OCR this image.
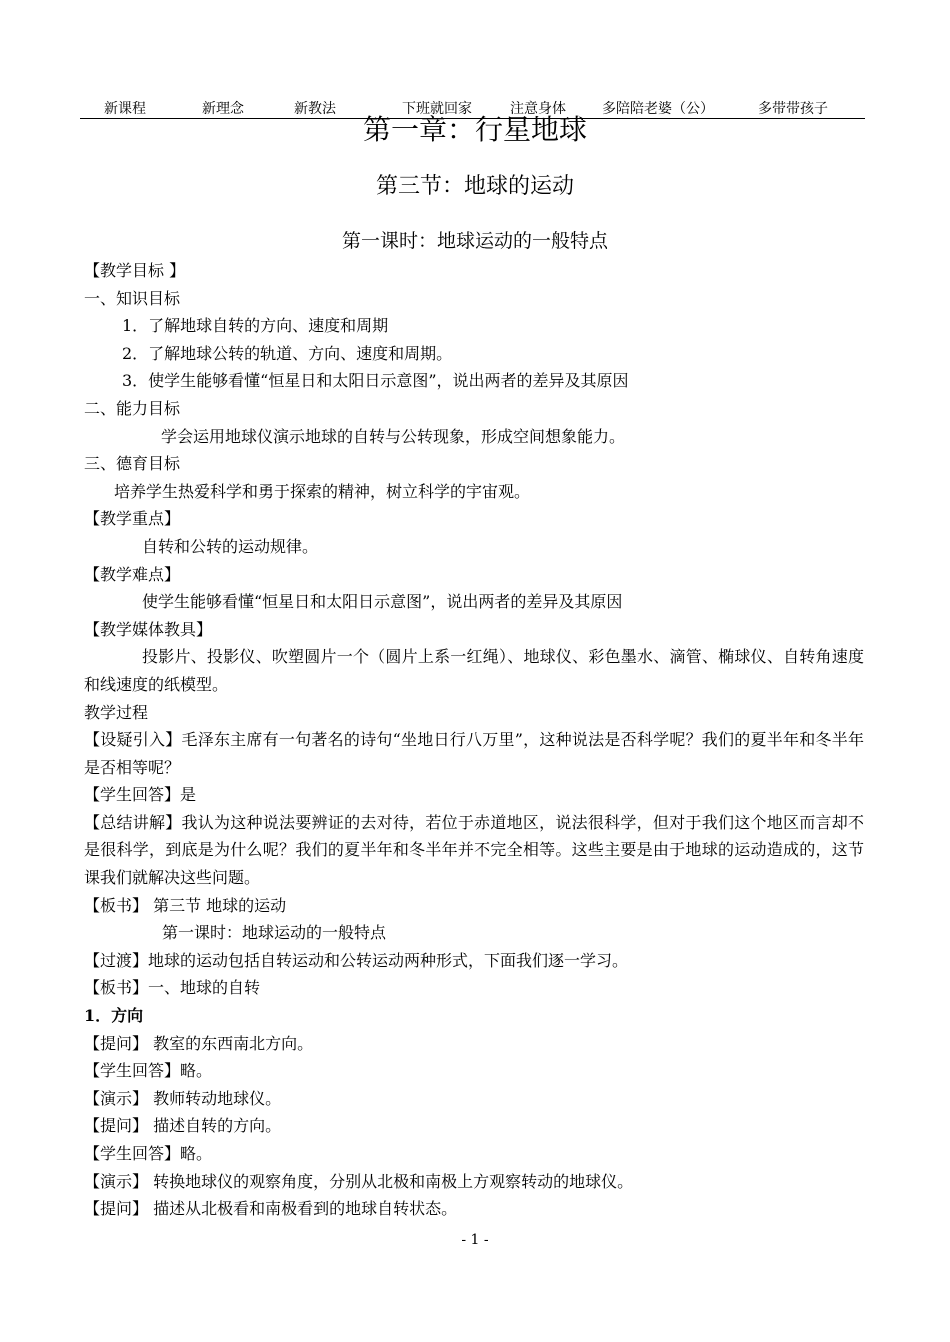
新课程	新理念	新教法	下班就回家	注意身体	多陪陪老婆（公）	多带带孩子
第一章：行星地球
第三节：地球的运动
第一课时：地球运动的一般特点
【教学目标 】
一、知识目标
1．了解地球自转的方向、速度和周期
2．了解地球公转的轨道、方向、速度和周期。
3．使学生能够看懂“恒星日和太阳日示意图”，说出两者的差异及其原因
二、能力目标
学会运用地球仪演示地球的自转与公转现象，形成空间想象能力。
三、德育目标
培养学生热爱科学和勇于探索的精神，树立科学的宇宙观。
【教学重点】
自转和公转的运动规律。
【教学难点】
使学生能够看懂“恒星日和太阳日示意图”，说出两者的差异及其原因
【教学媒体教具】
投影片、投影仪、吹塑圆片一个（圆片上系一红绳）、地球仪、彩色墨水、滴管、椭球仪、自转角速度和线速度的纸模型。
教学过程
【设疑引入】毛泽东主席有一句著名的诗句“坐地日行八万里”，这种说法是否科学呢？我们的夏半年和冬半年是否相等呢？
【学生回答】是
【总结讲解】我认为这种说法要辨证的去对待，若位于赤道地区，说法很科学，但对于我们这个地区而言却不是很科学，到底是为什么呢？我们的夏半年和冬半年并不完全相等。这些主要是由于地球的运动造成的，这节课我们就解决这些问题。
【板书】 第三节 地球的运动
第一课时：地球运动的一般特点
【过渡】地球的运动包括自转运动和公转运动两种形式，下面我们逐一学习。
【板书】一、地球的自转
1．方向
【提问】 教室的东西南北方向。
【学生回答】略。
【演示】 教师转动地球仪。
【提问】 描述自转的方向。
【学生回答】略。
【演示】 转换地球仪的观察角度，分别从北极和南极上方观察转动的地球仪。
【提问】 描述从北极看和南极看到的地球自转状态。
- 1 -
